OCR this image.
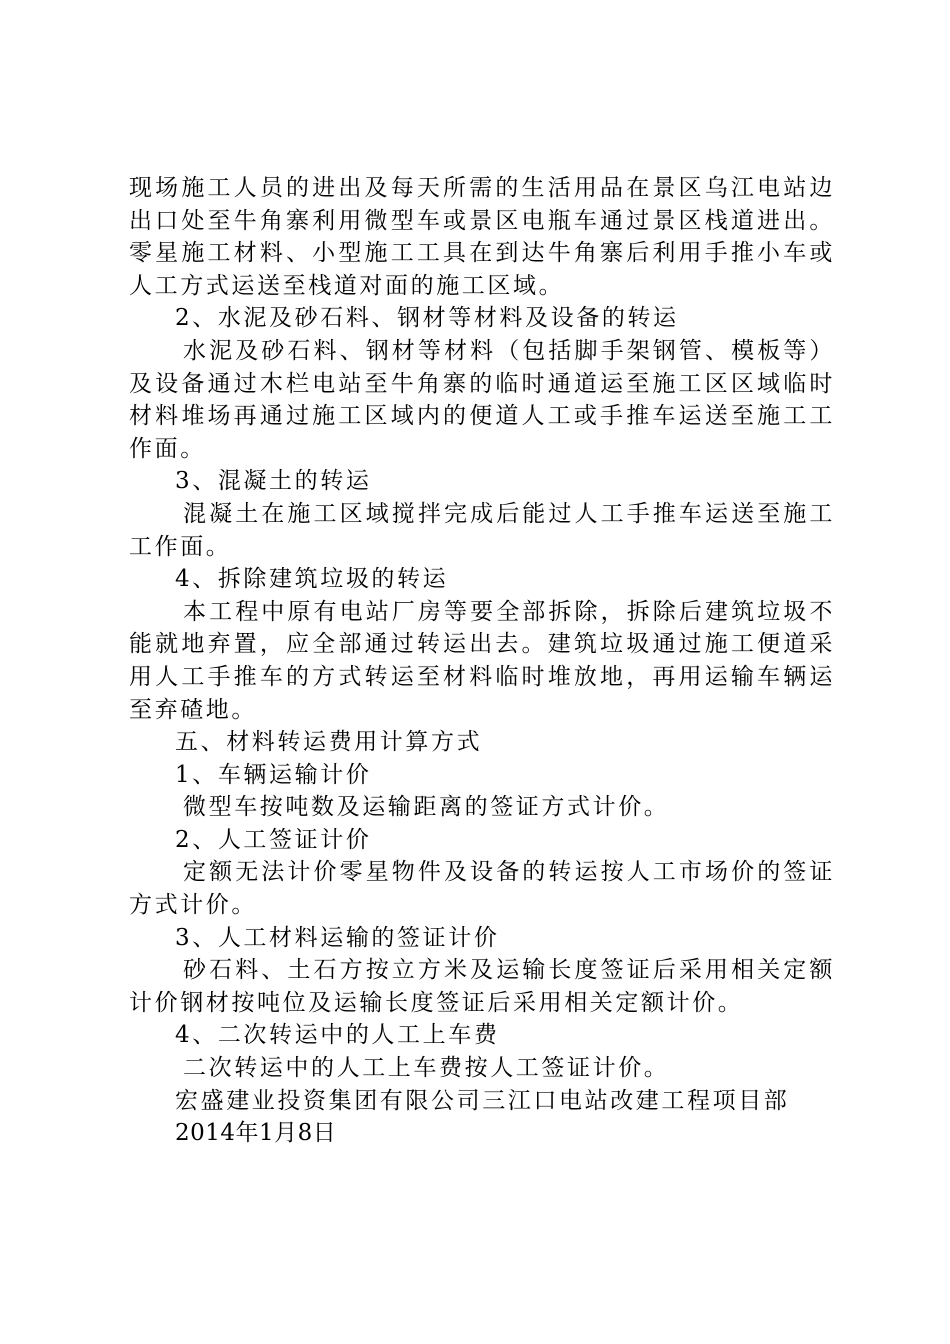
现场施工人员的进出及每天所需的生活用品在景区乌江电站边出口处至牛角寨利用微型车或景区电瓶车通过景区栈道进出。零星施工材料、小型施工工具在到达牛角寨后利用手推小车或人工方式运送至栈道对面的施工区域。

2、水泥及砂石料、钢材等材料及设备的转运

水泥及砂石料、钢材等材料（包括脚手架钢管、模板等）及设备通过木栏电站至牛角寨的临时通道运至施工区区域临时材料堆场再通过施工区域内的便道人工或手推车运送至施工工作面。

3、混凝土的转运

混凝土在施工区域搅拌完成后能过人工手推车运送至施工工作面。

4、拆除建筑垃圾的转运

本工程中原有电站厂房等要全部拆除，拆除后建筑垃圾不能就地弃置，应全部通过转运出去。建筑垃圾通过施工便道采用人工手推车的方式转运至材料临时堆放地，再用运输车辆运至弃碴地。

五、材料转运费用计算方式

1、车辆运输计价

微型车按吨数及运输距离的签证方式计价。

2、人工签证计价

定额无法计价零星物件及设备的转运按人工市场价的签证方式计价。

3、人工材料运输的签证计价

砂石料、土石方按立方米及运输长度签证后采用相关定额计价钢材按吨位及运输长度签证后采用相关定额计价。

4、二次转运中的人工上车费

二次转运中的人工上车费按人工签证计价。

宏盛建业投资集团有限公司三江口电站改建工程项目部

2014年1月8日
